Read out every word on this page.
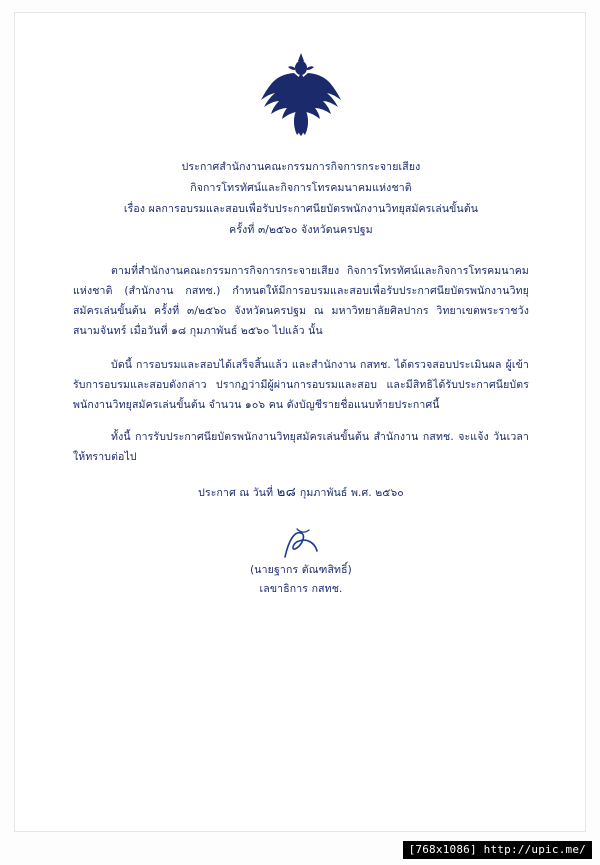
ประกาศสำนักงานคณะกรรมการกิจการกระจายเสียง
กิจการโทรทัศน์และกิจการโทรคมนาคมแห่งชาติ
เรื่อง ผลการอบรมและสอบเพื่อรับประกาศนียบัตรพนักงานวิทยุสมัครเล่นขั้นต้น
ครั้งที่ ๓/๒๕๖๐ จังหวัดนครปฐม
ตามที่สำนักงานคณะกรรมการกิจการกระจายเสียง กิจการโทรทัศน์และกิจการโทรคมนาคมแห่งชาติ (สำนักงาน กสทช.) กำหนดให้มีการอบรมและสอบเพื่อรับประกาศนียบัตรพนักงานวิทยุสมัครเล่นขั้นต้น ครั้งที่ ๓/๒๕๖๐ จังหวัดนครปฐม ณ มหาวิทยาลัยศิลปากร วิทยาเขตพระราชวังสนามจันทร์ เมื่อวันที่ ๑๘ กุมภาพันธ์ ๒๕๖๐ ไปแล้ว นั้น
บัดนี้ การอบรมและสอบได้เสร็จสิ้นแล้ว และสำนักงาน กสทช. ได้ตรวจสอบประเมินผล ผู้เข้ารับการอบรมและสอบดังกล่าว ปรากฏว่ามีผู้ผ่านการอบรมและสอบ และมีสิทธิได้รับประกาศนียบัตรพนักงานวิทยุสมัครเล่นขั้นต้น จำนวน ๑๐๖ คน ดังบัญชีรายชื่อแนบท้ายประกาศนี้
ทั้งนี้ การรับประกาศนียบัตรพนักงานวิทยุสมัครเล่นขั้นต้น สำนักงาน กสทช. จะแจ้ง วันเวลา ให้ทราบต่อไป
ประกาศ ณ วันที่ ๒๘ กุมภาพันธ์ พ.ศ. ๒๕๖๐
(นายฐากร ตัณฑสิทธิ์)
เลขาธิการ กสทช.
[768x1086] http://upic.me/
